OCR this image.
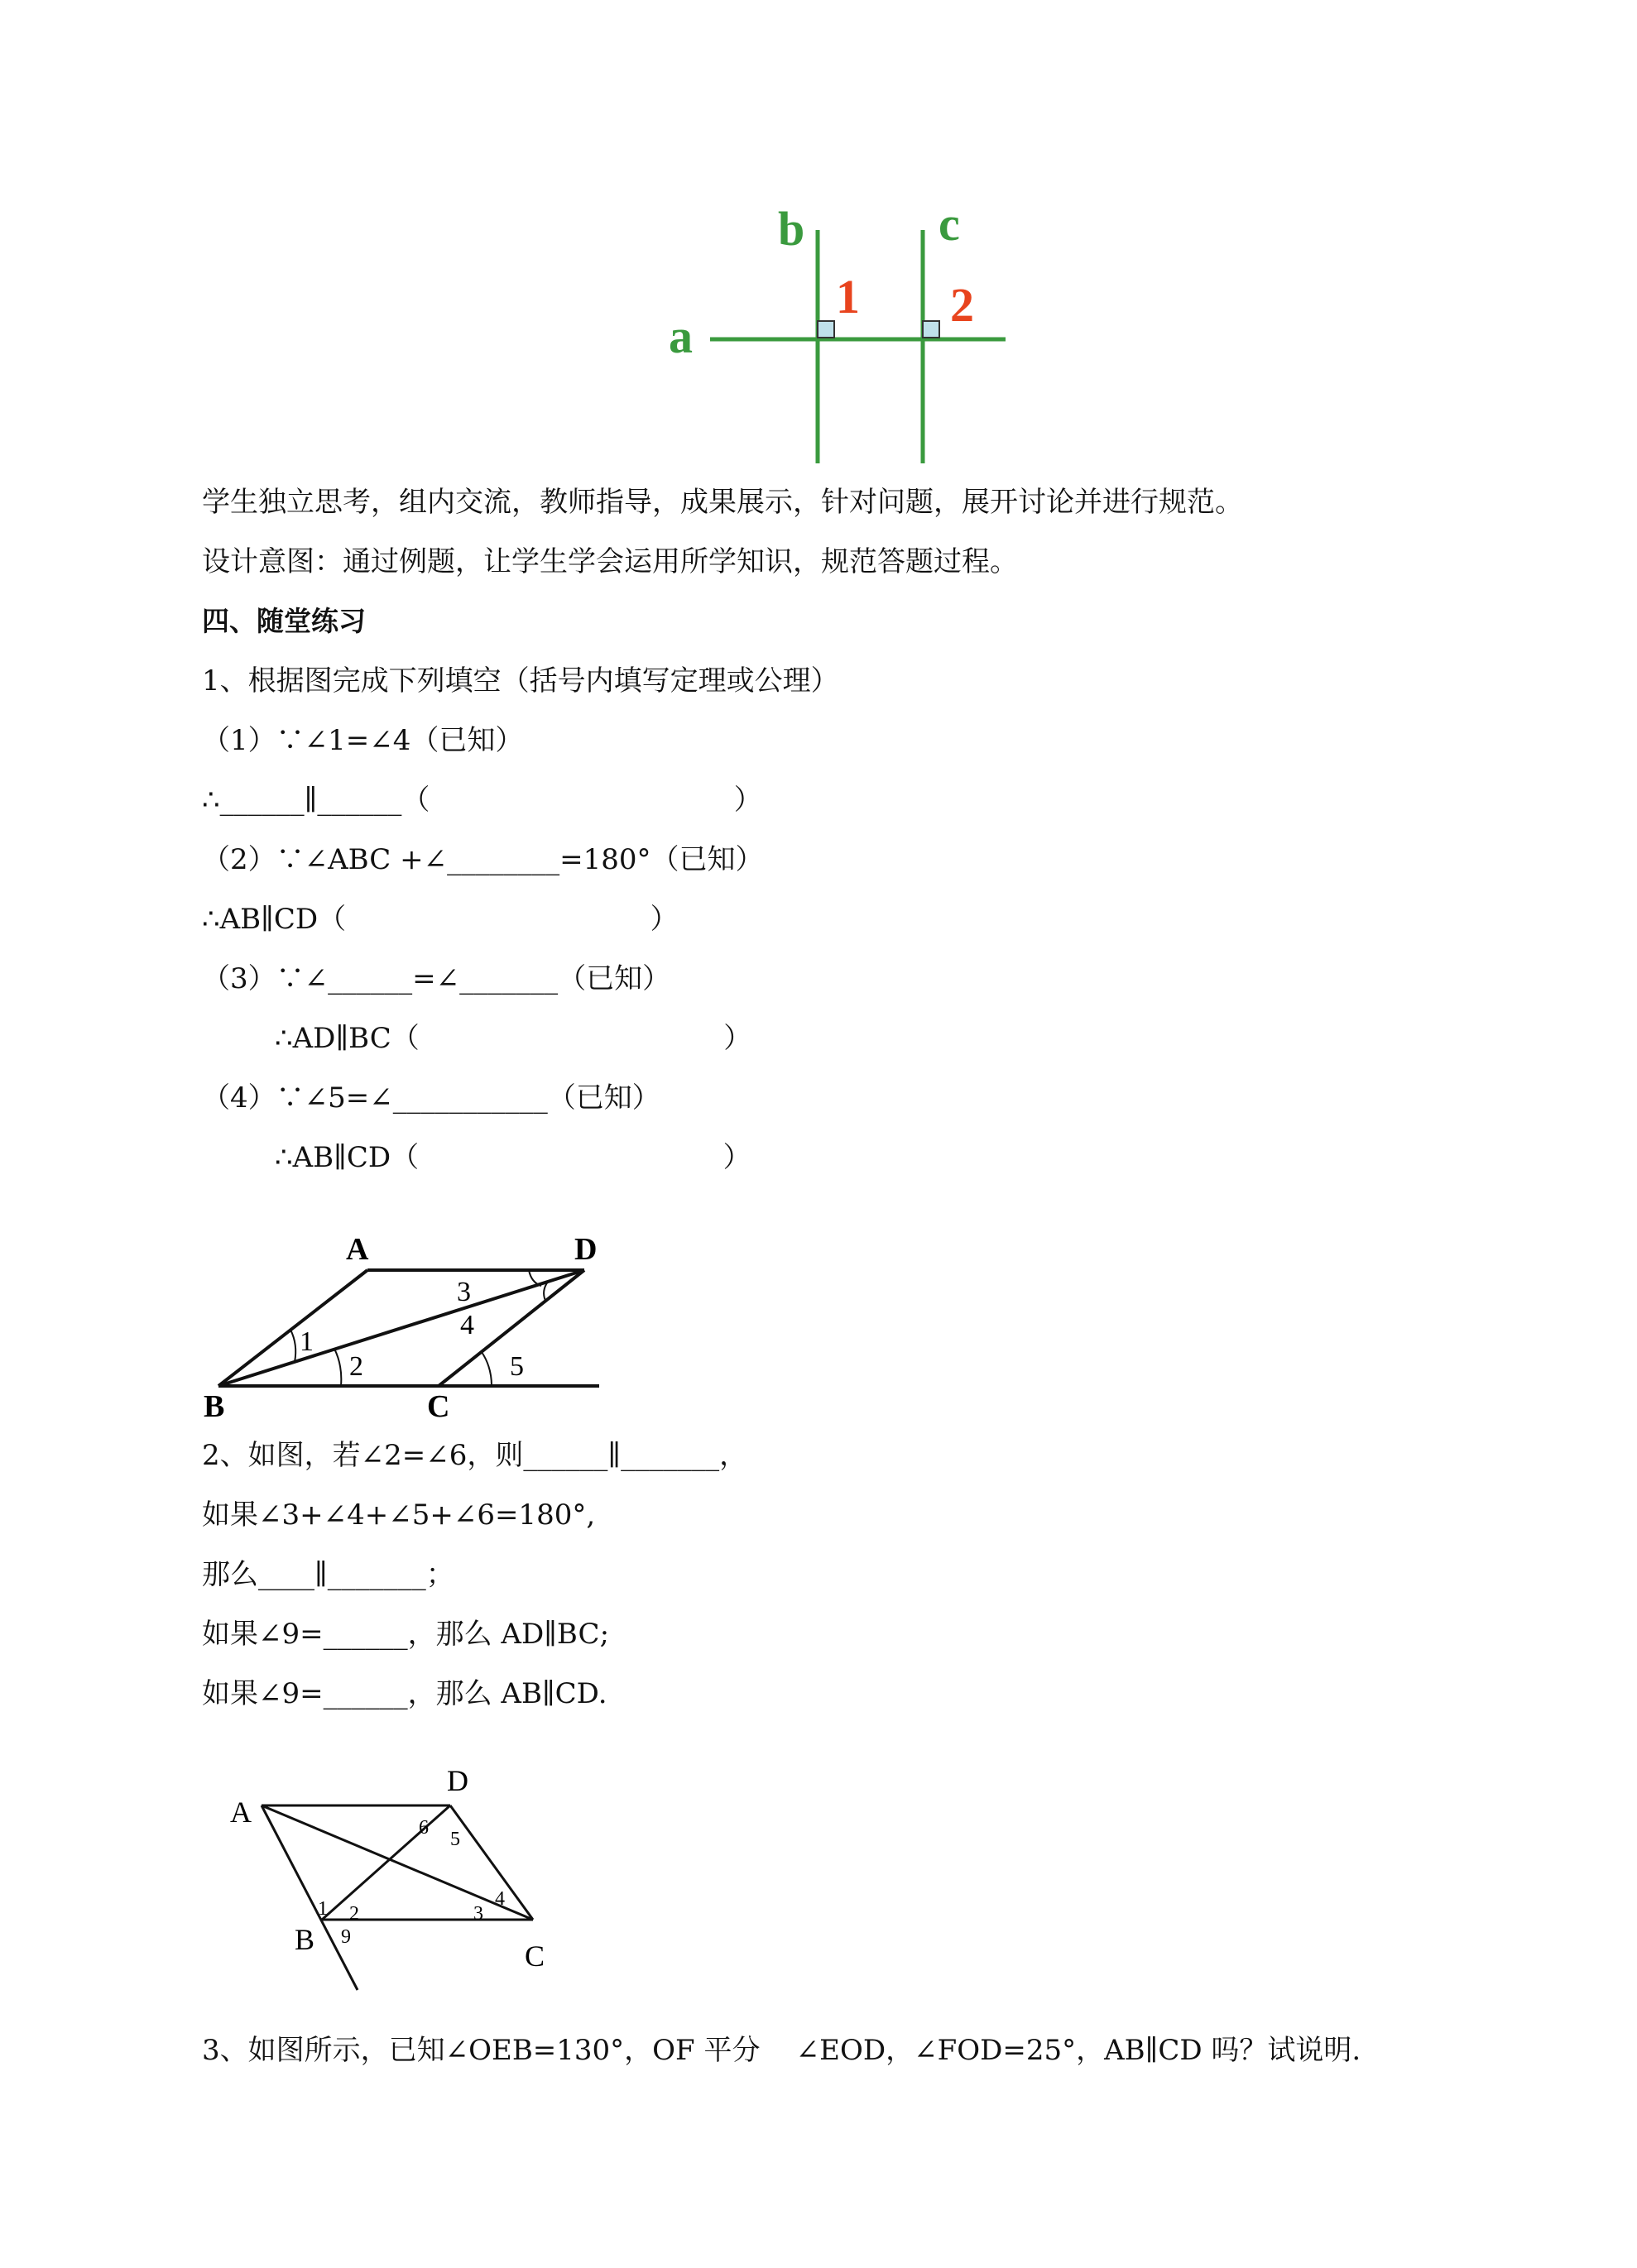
a
b	c
1 2
学生独立思考，组内交流，教师指导，成果展示，针对问题，展开讨论并进行规范。
设计意图：通过例题，让学生学会运用所学知识，规范答题过程。
四、随堂练习
1、根据图完成下列填空（括号内填写定理或公理）
（1）∵∠1=∠4（已知）
∴______∥______（                                  ）
（2）∵∠ABC +∠________=180°（已知）
∴AB∥CD（                                  ）
（3）∵∠______=∠_______（已知）
∴AD∥BC（                                  ）
（4）∵∠5=∠___________（已知）
∴AB∥CD（                                  ）
A	D
B	C
1
2
3
4
5
2、如图，若∠2=∠6，则______∥_______，
如果∠3+∠4+∠5+∠6=180°,
那么____∥_______；
如果∠9=______，那么 AD∥BC;
如果∠9=______，那么 AB∥CD.
A
D
B	C
1 2	3
4
5
6
9
3、如图所示，已知∠OEB=130°，OF 平分    ∠EOD，∠FOD=25°，AB∥CD 吗？试说明.
